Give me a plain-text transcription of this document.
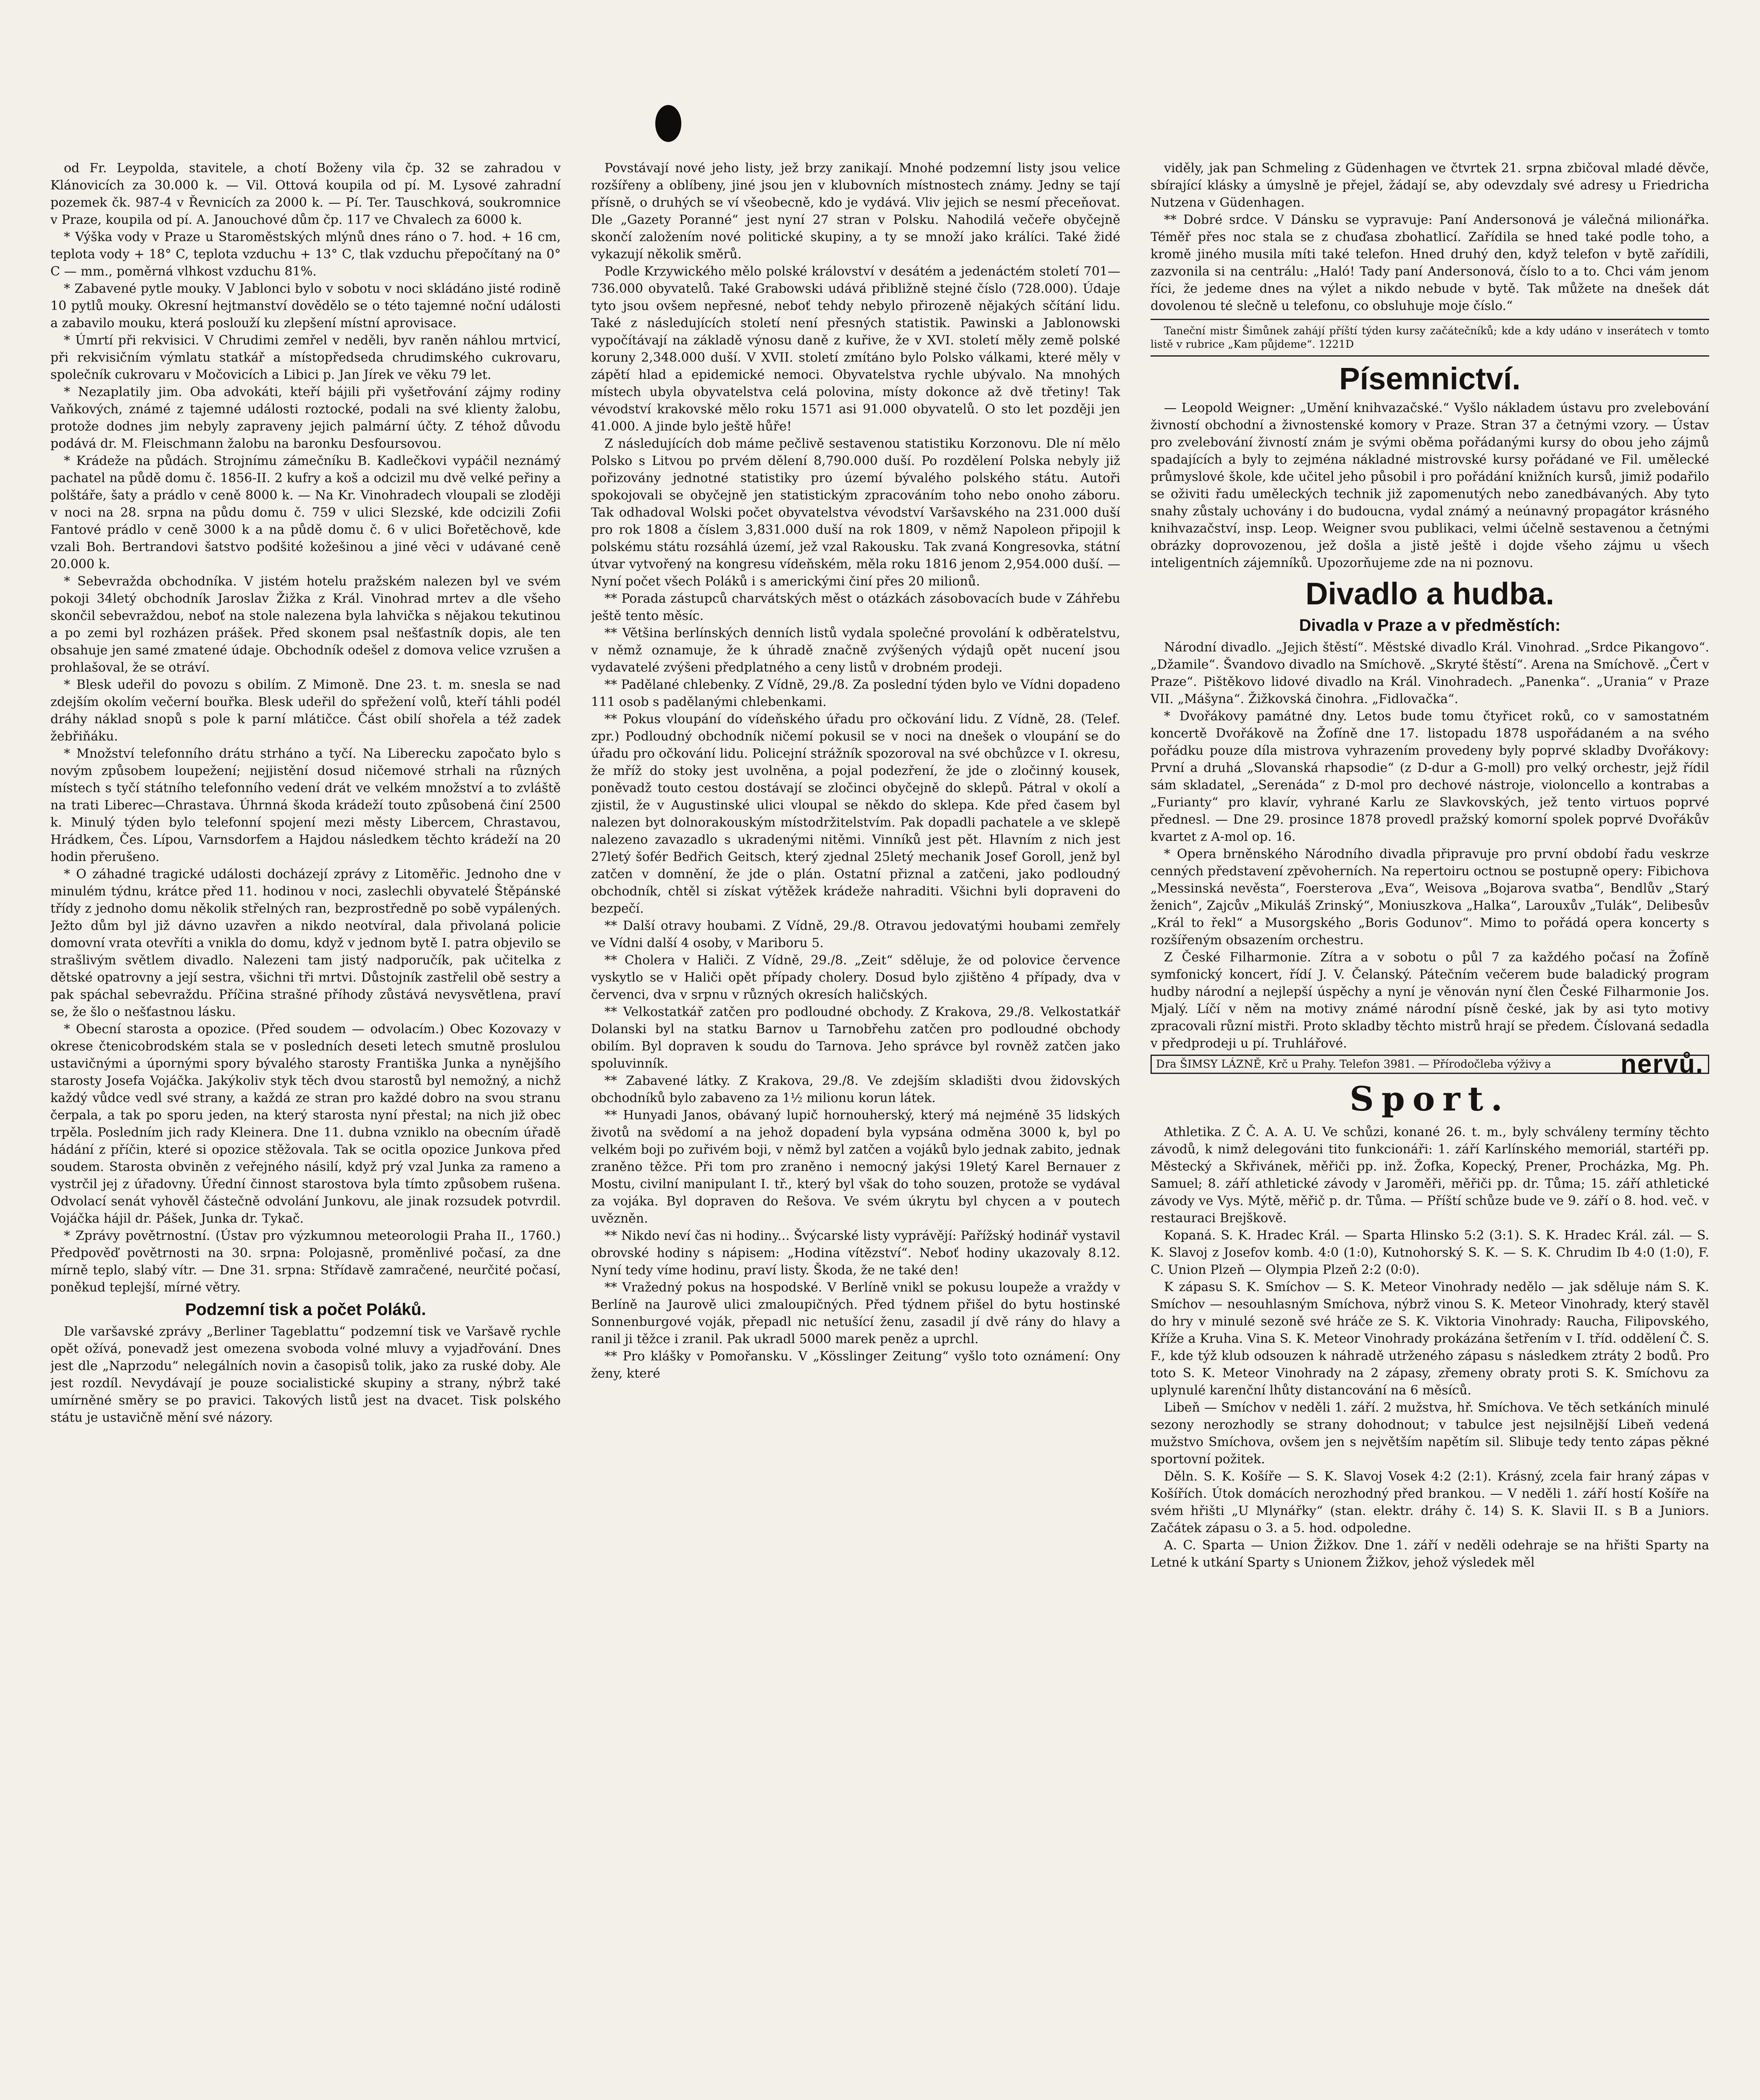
od Fr. Leypolda, stavitele, a chotí Boženy vila čp. 32 se zahradou v Klánovicích za 30.000 k. — Vil. Ottová koupila od pí. M. Lysové zahradní pozemek čk. 987-4 v Řevnicích za 2000 k. — Pí. Ter. Tauschková, soukromnice v Praze, koupila od pí. A. Janouchové dům čp. 117 ve Chvalech za 6000 k.

* Výška vody v Praze u Staroměstských mlýnů dnes ráno o 7. hod. + 16 cm, teplota vody + 18° C, teplota vzduchu + 13° C, tlak vzduchu přepočítaný na 0° C — mm., poměrná vlhkost vzduchu 81%.

* Zabavené pytle mouky. V Jablonci bylo v sobotu v noci skládáno jisté rodině 10 pytlů mouky. Okresní hejtmanství dovědělo se o této tajemné noční události a zabavilo mouku, která poslouží ku zlepšení místní aprovisace.

* Úmrtí při rekvisici. V Chrudimi zemřel v neděli, byv raněn náhlou mrtvicí, při rekvisičním výmlatu statkář a místopředseda chrudimského cukrovaru, společník cukrovaru v Močovicích a Libici p. Jan Jírek ve věku 79 let.

* Nezaplatily jim. Oba advokáti, kteří bájili při vyšetřování zájmy rodiny Vaňkových, známé z tajemné události roztocké, podali na své klienty žalobu, protože dodnes jim nebyly zapraveny jejich palmární účty. Z téhož důvodu podává dr. M. Fleischmann žalobu na baronku Desfoursovou.

* Krádeže na půdách. Strojnímu zámečníku B. Kadlečkovi vypáčil neznámý pachatel na půdě domu č. 1856-II. 2 kufry a koš a odcizil mu dvě velké peřiny a polštáře, šaty a prádlo v ceně 8000 k. — Na Kr. Vinohradech vloupali se zloději v noci na 28. srpna na půdu domu č. 759 v ulici Slezské, kde odcizili Zofii Fantové prádlo v ceně 3000 k a na půdě domu č. 6 v ulici Bořetěchově, kde vzali Boh. Bertrandovi šatstvo podšité kožešinou a jiné věci v udávané ceně 20.000 k.

* Sebevražda obchodníka. V jistém hotelu pražském nalezen byl ve svém pokoji 34letý obchodník Jaroslav Žižka z Král. Vinohrad mrtev a dle všeho skončil sebevraždou, neboť na stole nalezena byla lahvička s nějakou tekutinou a po zemi byl rozházen prášek. Před skonem psal nešťastník dopis, ale ten obsahuje jen samé zmatené údaje. Obchodník odešel z domova velice vzrušen a prohlašoval, že se otráví.

* Blesk udeřil do povozu s obilím. Z Mimoně. Dne 23. t. m. snesla se nad zdejším okolím večerní bouřka. Blesk udeřil do spřežení volů, kteří táhli podél dráhy náklad snopů s pole k parní mlátičce. Část obilí shořela a též zadek žebřiňáku.

* Množství telefonního drátu strháno a tyčí. Na Liberecku započato bylo s novým způsobem loupežení; nejjistění dosud ničemové strhali na různých místech s tyčí státního telefonního vedení drát ve velkém množství a to zvláště na trati Liberec—Chrastava. Úhrnná škoda krádeží touto způsobená činí 2500 k. Minulý týden bylo telefonní spojení mezi městy Libercem, Chrastavou, Hrádkem, Čes. Lípou, Varnsdorfem a Hajdou následkem těchto krádeží na 20 hodin přerušeno.

* O záhadné tragické události docházejí zprávy z Litoměřic. Jednoho dne v minulém týdnu, krátce před 11. hodinou v noci, zaslechli obyvatelé Štěpánské třídy z jednoho domu několik střelných ran, bezprostředně po sobě vypálených. Ježto dům byl již dávno uzavřen a nikdo neotvíral, dala přivolaná policie domovní vrata otevříti a vnikla do domu, když v jednom bytě I. patra objevilo se strašlivým světlem divadlo. Nalezeni tam jistý nadporučík, pak učitelka z dětské opatrovny a její sestra, všichni tři mrtvi. Důstojník zastřelil obě sestry a pak spáchal sebevraždu. Příčina strašné příhody zůstává nevysvětlena, praví se, že šlo o nešťastnou lásku.

* Obecní starosta a opozice. (Před soudem — odvolacím.) Obec Kozovazy v okrese čtenicobrodském stala se v posledních deseti letech smutně proslulou ustavičnými a úpornými spory bývalého starosty Františka Junka a nynějšího starosty Josefa Vojáčka. Jakýkoliv styk těch dvou starostů byl nemožný, a nichž každý vůdce vedl své strany, a každá ze stran pro každé dobro na svou stranu čerpala, a tak po sporu jeden, na který starosta nyní přestal; na nich již obec trpěla. Posledním jich rady Kleinera. Dne 11. dubna vzniklo na obecním úřadě hádání z příčin, které si opozice stěžovala. Tak se ocitla opozice Junkova před soudem. Starosta obviněn z veřejného násilí, když prý vzal Junka za rameno a vystrčil jej z úřadovny. Úřední činnost starostova byla tímto způsobem rušena. Odvolací senát vyhověl částečně odvolání Junkovu, ale jinak rozsudek potvrdil. Vojáčka hájil dr. Pášek, Junka dr. Tykač.

* Zprávy povětrnostní. (Ústav pro výzkumnou meteorologii Praha II., 1760.) Předpověď povětrnosti na 30. srpna: Polojasně, proměnlivé počasí, za dne mírně teplo, slabý vítr. — Dne 31. srpna: Střídavě zamračené, neurčité počasí, poněkud teplejší, mírné větry.

Podzemní tisk a počet Poláků.

Dle varšavské zprávy „Berliner Tageblattu“ podzemní tisk ve Varšavě rychle opět ožívá, ponevadž jest omezena svoboda volné mluvy a vyjadřování. Dnes jest dle „Naprzodu“ nelegálních novin a časopisů tolik, jako za ruské doby. Ale jest rozdíl. Nevydávají je pouze socialistické skupiny a strany, nýbrž také umírněné směry se po pravici. Takových listů jest na dvacet. Tisk polského státu je ustavičně mění své názory.

Povstávají nové jeho listy, jež brzy zanikají. Mnohé podzemní listy jsou velice rozšířeny a oblíbeny, jiné jsou jen v klubovních místnostech známy. Jedny se tají přísně, o druhých se ví všeobecně, kdo je vydává. Vliv jejich se nesmí přeceňovat. Dle „Gazety Poranné“ jest nyní 27 stran v Polsku. Nahodilá večeře obyčejně skončí založením nové politické skupiny, a ty se množí jako králíci. Také židé vykazují několik směrů.

Podle Krzywického mělo polské království v desátém a jedenáctém století 701—736.000 obyvatelů. Také Grabowski udává přibližně stejné číslo (728.000). Údaje tyto jsou ovšem nepřesné, neboť tehdy nebylo přirozeně nějakých sčítání lidu. Také z následujících století není přesných statistik. Pawinski a Jablonowski vypočítávají na základě výnosu daně z kuřive, že v XVI. století měly země polské koruny 2,348.000 duší. V XVII. století zmítáno bylo Polsko válkami, které měly v zápětí hlad a epidemické nemoci. Obyvatelstva rychle ubývalo. Na mnohých místech ubyla obyvatelstva celá polovina, místy dokonce až dvě třetiny! Tak vévodství krakovské mělo roku 1571 asi 91.000 obyvatelů. O sto let později jen 41.000. A jinde bylo ještě hůře!

Z následujících dob máme pečlivě sestavenou statistiku Korzonovu. Dle ní mělo Polsko s Litvou po prvém dělení 8,790.000 duší. Po rozdělení Polska nebyly již pořizovány jednotné statistiky pro území bývalého polského státu. Autoři spokojovali se obyčejně jen statistickým zpracováním toho nebo onoho záboru. Tak odhadoval Wolski počet obyvatelstva vévodství Varšavského na 231.000 duší pro rok 1808 a číslem 3,831.000 duší na rok 1809, v němž Napoleon připojil k polskému státu rozsáhlá území, jež vzal Rakousku. Tak zvaná Kongresovka, státní útvar vytvořený na kongresu vídeňském, měla roku 1816 jenom 2,954.000 duší. — Nyní počet všech Poláků i s americkými činí přes 20 milionů.

** Porada zástupců charvátských měst o otázkách zásobovacích bude v Záhřebu ještě tento měsíc.

** Většina berlínských denních listů vydala společné provolání k odběratelstvu, v němž oznamuje, že k úhradě značně zvýšených výdajů opět nucení jsou vydavatelé zvýšeni předplatného a ceny listů v drobném prodeji.

** Padělané chlebenky. Z Vídně, 29./8. Za poslední týden bylo ve Vídni dopadeno 111 osob s padělanými chlebenkami.

** Pokus vloupání do vídeňského úřadu pro očkování lidu. Z Vídně, 28. (Telef. zpr.) Podloudný obchodník ničemí pokusil se v noci na dnešek o vloupání se do úřadu pro očkování lidu. Policejní strážník spozoroval na své obchůzce v I. okresu, že mříž do stoky jest uvolněna, a pojal podezření, že jde o zločinný kousek, poněvadž touto cestou dostávají se zločinci obyčejně do sklepů. Pátral v okolí a zjistil, že v Augustinské ulici vloupal se někdo do sklepa. Kde před časem byl nalezen byt dolnorakouským místodržitelstvím. Pak dopadli pachatele a ve sklepě nalezeno zavazadlo s ukradenými nitěmi. Vinníků jest pět. Hlavním z nich jest 27letý šofér Bedřich Geitsch, který zjednal 25letý mechanik Josef Goroll, jenž byl zatčen v domnění, že jde o plán. Ostatní přiznal a zatčeni, jako podloudný obchodník, chtěl si získat výtěžek krádeže nahraditi. Všichni byli dopraveni do bezpečí.

** Další otravy houbami. Z Vídně, 29./8. Otravou jedovatými houbami zemřely ve Vídni další 4 osoby, v Mariboru 5.

** Cholera v Haliči. Z Vídně, 29./8. „Zeit“ sděluje, že od polovice července vyskytlo se v Haliči opět případy cholery. Dosud bylo zjištěno 4 případy, dva v červenci, dva v srpnu v různých okresích haličských.

** Velkostatkář zatčen pro podloudné obchody. Z Krakova, 29./8. Velkostatkář Dolanski byl na statku Barnov u Tarnobřehu zatčen pro podloudné obchody obilím. Byl dopraven k soudu do Tarnova. Jeho správce byl rovněž zatčen jako spoluvinník.

** Zabavené látky. Z Krakova, 29./8. Ve zdejším skladišti dvou židovských obchodníků bylo zabaveno za 1½ milionu korun látek.

** Hunyadi Janos, obávaný lupič hornouherský, který má nejméně 35 lidských životů na svědomí a na jehož dopadení byla vypsána odměna 3000 k, byl po velkém boji po zuřivém boji, v němž byl zatčen a vojáků bylo jednak zabito, jednak zraněno těžce. Při tom pro zraněno i nemocný jakýsi 19letý Karel Bernauer z Mostu, civilní manipulant I. tř., který byl však do toho souzen, protože se vydával za vojáka. Byl dopraven do Rešova. Ve svém úkrytu byl chycen a v poutech uvězněn.

** Nikdo neví čas ni hodiny... Švýcarské listy vyprávějí: Pařížský hodinář vystavil obrovské hodiny s nápisem: „Hodina vítězství“. Neboť hodiny ukazovaly 8.12. Nyní tedy víme hodinu, praví listy. Škoda, že ne také den!

** Vražedný pokus na hospodské. V Berlíně vnikl se pokusu loupeže a vraždy v Berlíně na Jaurově ulici zmaloupičných. Před týdnem přišel do bytu hostinské Sonnenburgové voják, přepadl nic netušící ženu, zasadil jí dvě rány do hlavy a ranil ji těžce i zranil. Pak ukradl 5000 marek peněz a uprchl.

** Pro klášky v Pomořansku. V „Kösslinger Zeitung“ vyšlo toto oznámení: Ony ženy, které

viděly, jak pan Schmeling z Güdenhagen ve čtvrtek 21. srpna zbičoval mladé děvče, sbírající klásky a úmyslně je přejel, žádají se, aby odevzdaly své adresy u Friedricha Nutzena v Güdenhagen.

** Dobré srdce. V Dánsku se vypravuje: Paní Andersonová je válečná milionářka. Téměř přes noc stala se z chuďasa zbohatlicí. Zařídila se hned také podle toho, a kromě jiného musila míti také telefon. Hned druhý den, když telefon v bytě zařídili, zazvonila si na centrálu: „Haló! Tady paní Andersonová, číslo to a to. Chci vám jenom říci, že jedeme dnes na výlet a nikdo nebude v bytě. Tak můžete na dnešek dát dovolenou té slečně u telefonu, co obsluhuje moje číslo.“

Taneční mistr Šimůnek zahájí příští týden kursy začátečníků; kde a kdy udáno v inserátech v tomto listě v rubrice „Kam půjdeme“. 1221D

Písemnictví.

— Leopold Weigner: „Umění knihvazačské.“ Vyšlo nákladem ústavu pro zvelebování živností obchodní a živnostenské komory v Praze. Stran 37 a četnými vzory. — Ústav pro zvelebování živností znám je svými oběma pořádanými kursy do obou jeho zájmů spadajících a byly to zejména nákladné mistrovské kursy pořádané ve Fil. umělecké průmyslové škole, kde učitel jeho působil i pro pořádání knižních kursů, jimiž podařilo se oživiti řadu uměleckých technik již zapomenutých nebo zanedbávaných. Aby tyto snahy zůstaly uchovány i do budoucna, vydal známý a neúnavný propagátor krásného knihvazačství, insp. Leop. Weigner svou publikaci, velmi účelně sestavenou a četnými obrázky doprovozenou, jež došla a jistě ještě i dojde všeho zájmu u všech inteligentních zájemníků. Upozorňujeme zde na ni poznovu.

Divadlo a hudba.
Divadla v Praze a v předměstích:

Národní divadlo. „Jejich štěstí“. Městské divadlo Král. Vinohrad. „Srdce Pikangovo“. „Džamile“. Švandovo divadlo na Smíchově. „Skryté štěstí“. Arena na Smíchově. „Čert v Praze“. Pištěkovo lidové divadlo na Král. Vinohradech. „Panenka“. „Urania“ v Praze VII. „Mášyna“. Žižkovská činohra. „Fidlovačka“.

* Dvořákovy památné dny. Letos bude tomu čtyřicet roků, co v samostatném koncertě Dvořákově na Žofíně dne 17. listopadu 1878 uspořádaném a na svého pořádku pouze díla mistrova vyhrazením provedeny byly poprvé skladby Dvořákovy: První a druhá „Slovanská rhapsodie“ (z D-dur a G-moll) pro velký orchestr, jejž řídil sám skladatel, „Serenáda“ z D-mol pro dechové nástroje, violoncello a kontrabas a „Furianty“ pro klavír, vyhrané Karlu ze Slavkovských, jež tento virtuos poprvé přednesl. — Dne 29. prosince 1878 provedl pražský komorní spolek poprvé Dvořákův kvartet z A-mol op. 16.

* Opera brněnského Národního divadla připravuje pro první období řadu veskrze cenných představení zpěvoherních. Na repertoiru octnou se postupně opery: Fibichova „Messinská nevěsta“, Foersterova „Eva“, Weisova „Bojarova svatba“, Bendlův „Starý ženich“, Zajcův „Mikuláš Zrinský“, Moniuszkova „Halka“, Larouxův „Tulák“, Delibesův „Král to řekl“ a Musorgského „Boris Godunov“. Mimo to pořádá opera koncerty s rozšířeným obsazením orchestru.

Z České Filharmonie. Zítra a v sobotu o půl 7 za každého počasí na Žofíně symfonický koncert, řídí J. V. Čelanský. Pátečním večerem bude baladický program hudby národní a nejlepší úspěchy a nyní je věnován nyní člen České Filharmonie Jos. Mjalý. Líčí v něm na motivy známé národní písně české, jak by asi tyto motivy zpracovali různí mistři. Proto skladby těchto mistrů hrají se předem. Číslovaná sedadla v předprodeji u pí. Truhlářové.

Dra ŠIMSY LÁZNĚ, Krč u Prahy. Telefon 3981. — Přírodočleba výživy a	nervů.
Sport.

Athletika. Z Č. A. A. U. Ve schůzi, konané 26. t. m., byly schváleny termíny těchto závodů, k nimž delegováni tito funkcionáři: 1. září Karlínského memoriál, startéři pp. Městecký a Skřivánek, měřiči pp. inž. Žofka, Kopecký, Prener, Procházka, Mg. Ph. Samuel; 8. září athletické závody v Jaroměři, měřiči pp. dr. Tůma; 15. září athletické závody ve Vys. Mýtě, měřič p. dr. Tůma. — Příští schůze bude ve 9. září o 8. hod. več. v restauraci Brejškově.

Kopaná. S. K. Hradec Král. — Sparta Hlinsko 5:2 (3:1). S. K. Hradec Král. zál. — S. K. Slavoj z Josefov komb. 4:0 (1:0), Kutnohorský S. K. — S. K. Chrudim Ib 4:0 (1:0), F. C. Union Plzeň — Olympia Plzeň 2:2 (0:0).

K zápasu S. K. Smíchov — S. K. Meteor Vinohrady nedělo — jak sděluje nám S. K. Smíchov — nesouhlasným Smíchova, nýbrž vinou S. K. Meteor Vinohrady, který stavěl do hry v minulé sezoně své hráče ze S. K. Viktoria Vinohrady: Raucha, Filipovského, Kříže a Kruha. Vina S. K. Meteor Vinohrady prokázána šetřením v I. tříd. oddělení Č. S. F., kde týž klub odsouzen k náhradě utrženého zápasu s následkem ztráty 2 bodů. Pro toto S. K. Meteor Vinohrady na 2 zápasy, zřemeny obraty proti S. K. Smíchovu za uplynulé karenční lhůty distancování na 6 měsíců.

Libeň — Smíchov v neděli 1. září. 2 mužstva, hř. Smíchova. Ve těch setkáních minulé sezony nerozhodly se strany dohodnout; v tabulce jest nejsilnější Libeň vedená mužstvo Smíchova, ovšem jen s největším napětím sil. Slibuje tedy tento zápas pěkné sportovní požitek.

Děln. S. K. Košíře — S. K. Slavoj Vosek 4:2 (2:1). Krásný, zcela fair hraný zápas v Košířích. Útok domácích nerozhodný před brankou. — V neděli 1. září hostí Košíře na svém hřišti „U Mlynářky“ (stan. elektr. dráhy č. 14) S. K. Slavii II. s B a Juniors. Začátek zápasu o 3. a 5. hod. odpoledne.

A. C. Sparta — Union Žižkov. Dne 1. září v neděli odehraje se na hřišti Sparty na Letné k utkání Sparty s Unionem Žižkov, jehož výsledek měl
